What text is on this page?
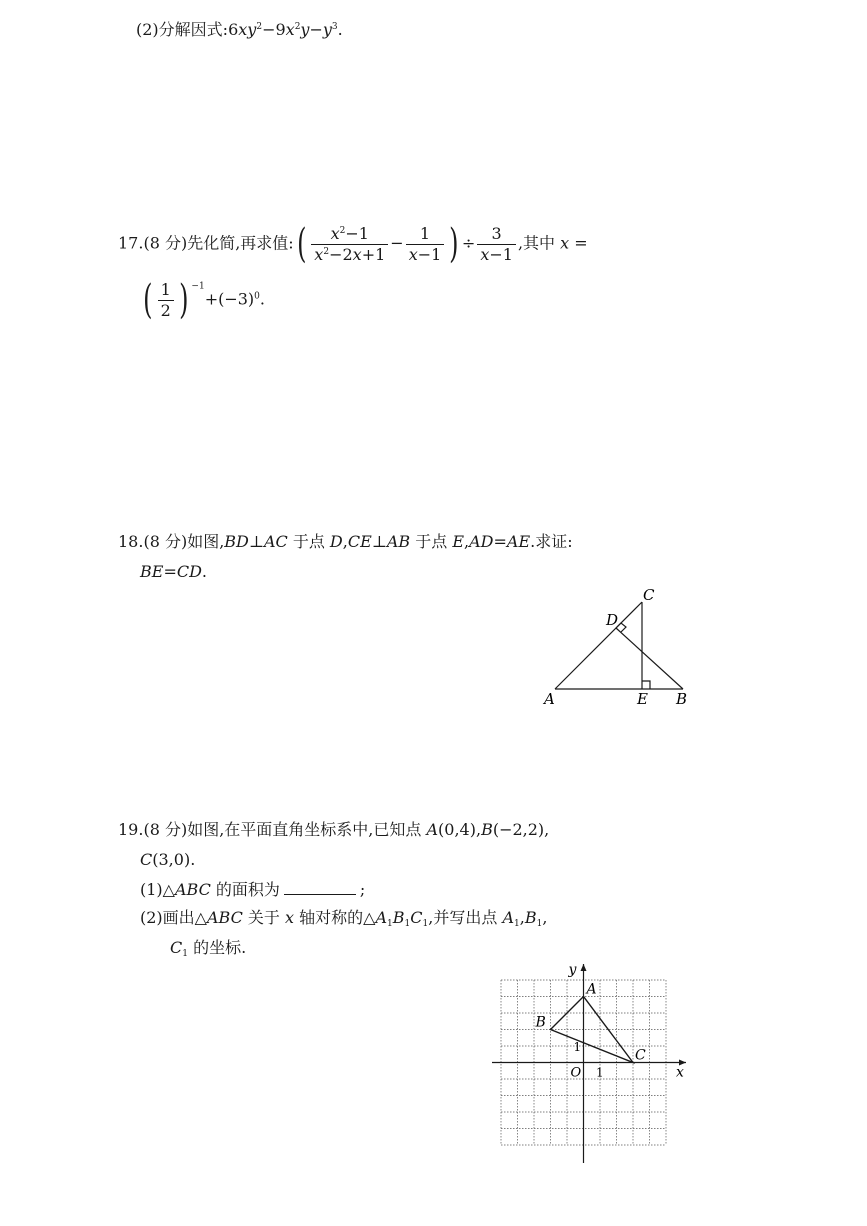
(2)分解因式$:6xy^2-9x^2y-y^3$.
17.(8 分)先化简,再求值:( $\frac{x^2-1}{x^2-2x+1} - \frac{1}{x-1}$ ) ÷ $\frac{3}{x-1}$ ,其中 x =
( $\frac{1}{2}$ ) $^{-1}+(-3)^0$.
18.(8 分)如图,BD⊥AC 于点 D,CE⊥AB 于点 E,AD=AE.求证:
BE=CD.
A	B
C
D
E
19.(8 分)如图,在平面直角坐标系中,已知点 A(0,4),B(−2,2),
C(3,0).
(1)△ABC 的面积为	;
(2)画出△ABC 关于 x 轴对称的$\triangle A_1B_1C_1$,并写出点 $A_1,B_1$,
$C_1$ 的坐标.
y
x
O 1
1
A
B
C
